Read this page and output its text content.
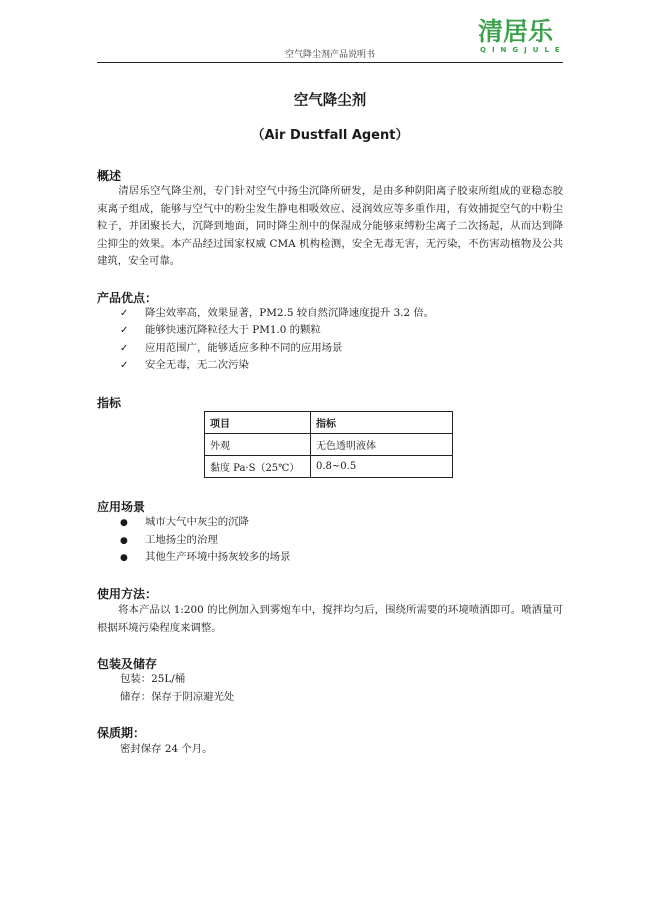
空气降尘剂产品说明书
清居乐
QINGJULE
空气降尘剂
（Air Dustfall Agent）
概述
清居乐空气降尘剂，专门针对空气中扬尘沉降所研发，是由多种阴阳离子胶束所组成的亚稳态胶束离子组成，能够与空气中的粉尘发生静电相吸效应、浸润效应等多重作用，有效捕捉空气的中粉尘粒子，并团聚长大，沉降到地面，同时降尘剂中的保湿成分能够束缚粉尘离子二次扬起，从而达到降尘抑尘的效果。本产品经过国家权威 CMA 机构检测，安全无毒无害，无污染，不伤害动植物及公共建筑，安全可靠。
产品优点：
✓ 降尘效率高，效果显著，PM2.5 较自然沉降速度提升 3.2 倍。
✓ 能够快速沉降粒径大于 PM1.0 的颗粒
✓ 应用范围广，能够适应多种不同的应用场景
✓ 安全无毒，无二次污染
指标
项目	指标
外观	无色透明液体
黏度 Pa·S（25℃）	0.8~0.5
应用场景
● 城市大气中灰尘的沉降
● 工地扬尘的治理
● 其他生产环境中扬灰较多的场景
使用方法：
将本产品以 1:200 的比例加入到雾炮车中，搅拌均匀后，围绕所需要的环境喷洒即可。喷洒量可根据环境污染程度来调整。
包装及储存
包装：25L/桶
储存：保存于阴凉避光处
保质期：
密封保存 24 个月。
